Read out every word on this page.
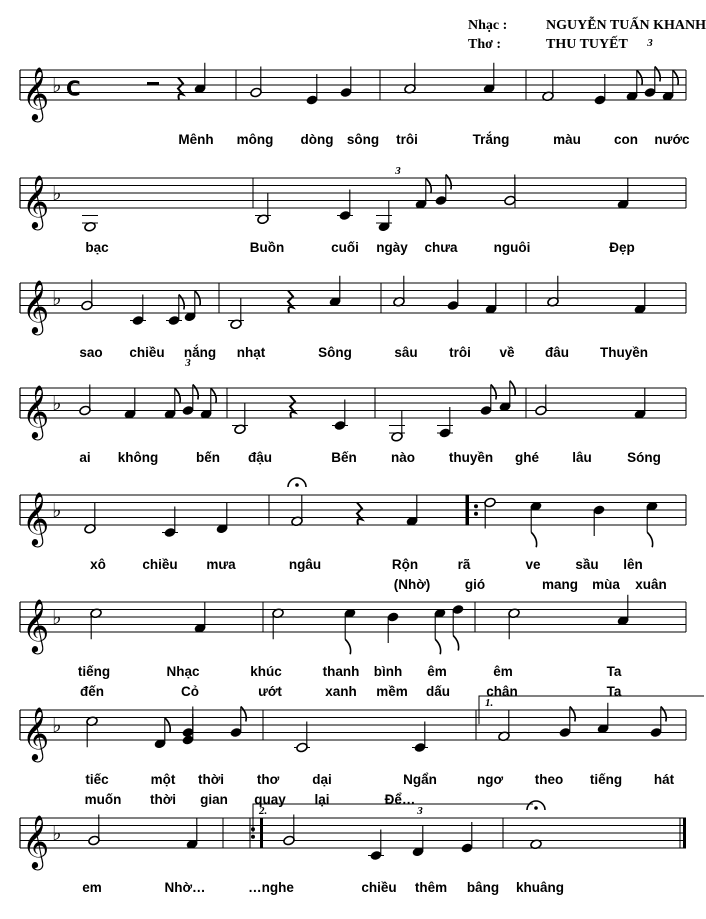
Nhạc :	NGUYỄN TUẤN KHANH
Thơ :	THU TUYẾT
𝄞 ♭ C
Mênh mông dòng sông trôi	Trắng	màu con nước
𝄞 ♭
bạc	Buồn	cuối ngày chưa	nguôi	Đẹp
𝄞 ♭
sao chiều nắng nhạt	Sông	sâu trôi về đâu Thuyền
𝄞 ♭
ai không	bến đậu	Bến	nào	thuyền ghé lâu	Sóng
𝄞 ♭
xô	chiều mưa	ngâu	Rộn	rã	ve	sầu lên
(Nhờ)	gió	mang mùa xuân
𝄞 ♭
tiếng	Nhạc	khúc	thanh bình êm	êm	Ta
đến	Cỏ	ướt	xanh mềm dấu	chân	Ta
𝄞 ♭
tiếc	một thời thơ dại	Ngẩn	ngơ theo tiếng hát
muốn thời gian quay lại	Để…
𝄞 ♭
em	Nhờ…	…nghe	chiều thêm bâng khuâng
3
3
3
3
1.
2.
